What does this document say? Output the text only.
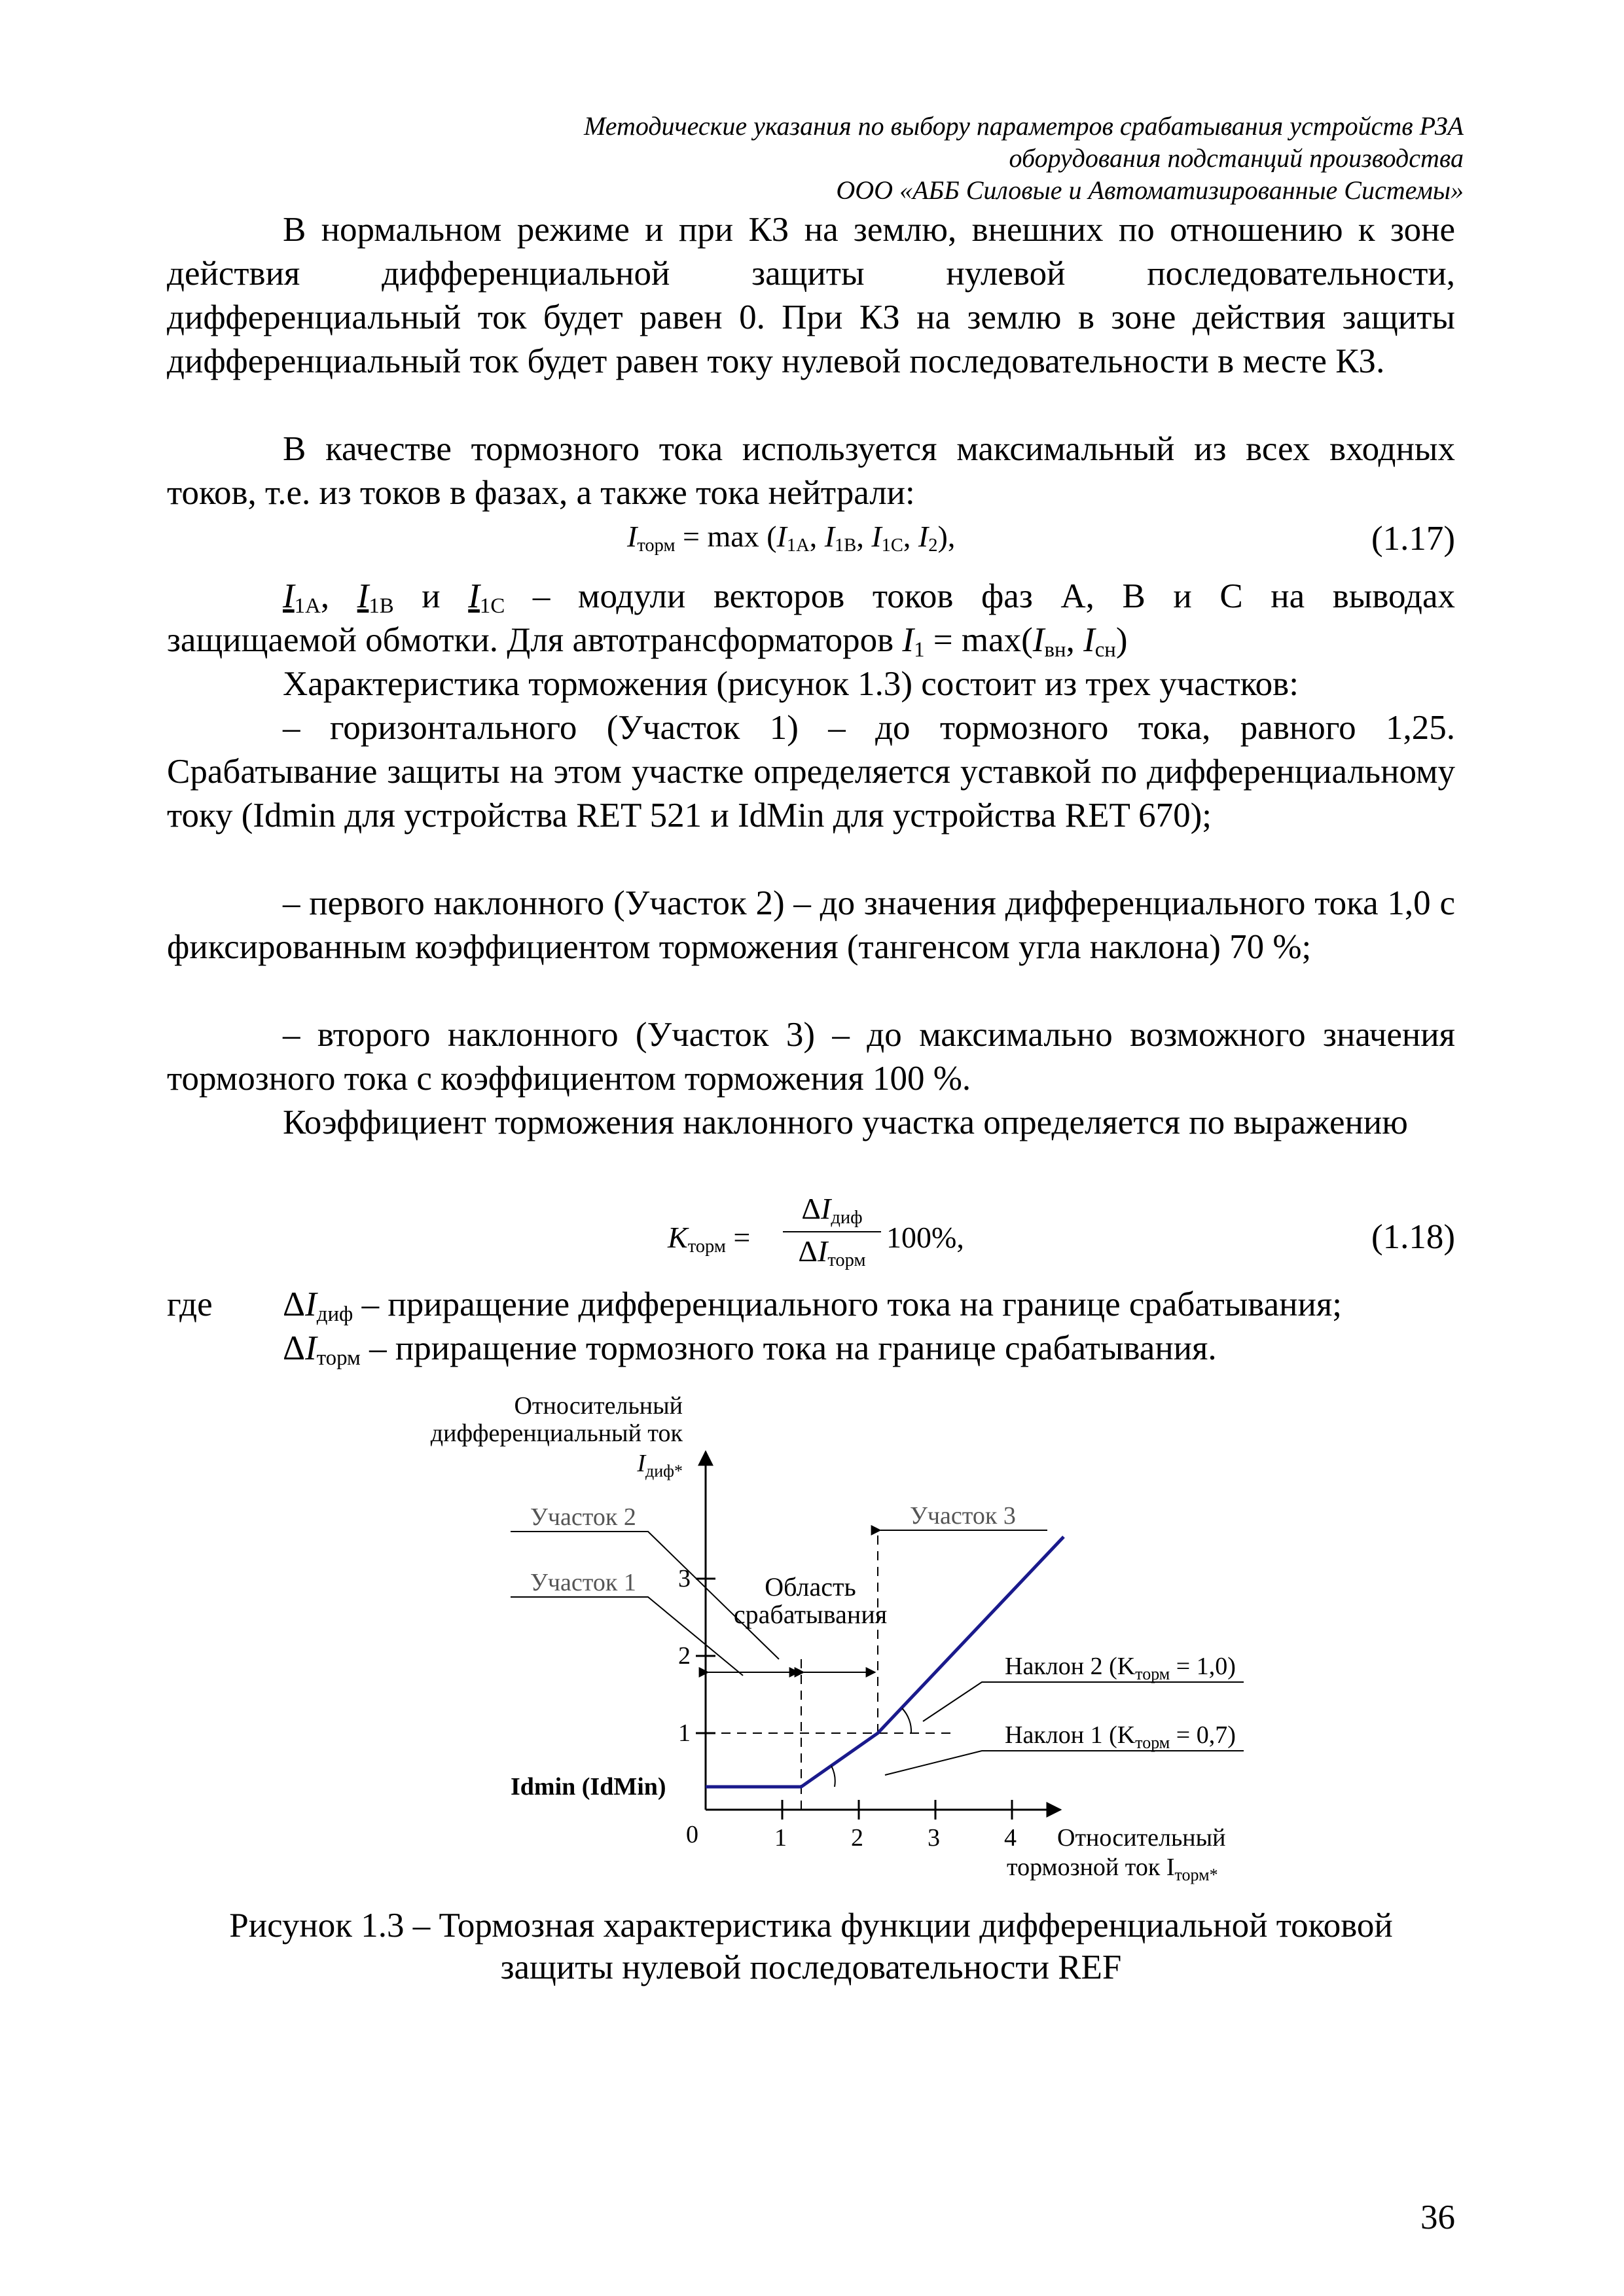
Методические указания по выбору параметров срабатывания устройств РЗА
оборудования подстанций производства
ООО «АББ Силовые и Автоматизированные Системы»
В нормальном режиме и при КЗ на землю, внешних по отношению к зоне действия дифференциальной защиты нулевой последовательности, дифференциальный ток будет равен 0. При КЗ на землю в зоне действия защиты дифференциальный ток будет равен току нулевой последовательности в месте КЗ.
В качестве тормозного тока используется максимальный из всех входных токов, т.е. из токов в фазах, а также тока нейтрали:
$I_{торм} = \max (I_{1A}$, $I_{1B}$, $I_{1C}$, $I_2$),	(1.17)
$I_{1A}$, $I_{1B}$ и $I_{1C}$ – модули векторов токов фаз А, В и С на выводах
защищаемой обмотки. Для автотрансформаторов $I_1 = \max(I_{вн}$, $I_{сн}$)
Характеристика торможения (рисунок 1.3) состоит из трех участков:
– горизонтального (Участок 1) – до тормозного тока, равного 1,25. Срабатывание защиты на этом участке определяется уставкой по дифференциальному току (Idmin для устройства RET 521 и IdMin для устройства RET 670);
– первого наклонного (Участок 2) – до значения дифференциального тока 1,0 с фиксированным коэффициентом торможения (тангенсом угла наклона) 70 %;
– второго наклонного (Участок 3) – до максимально возможного значения тормозного тока с коэффициентом торможения 100 %.
Коэффициент торможения наклонного участка определяется по выражению
$K_{торм}$ =
$\Delta I_{диф}$
$\Delta I_{торм}$
100%,	(1.18)
где $\Delta I_{диф}$ – приращение дифференциального тока на границе срабатывания;
$\Delta I_{торм}$ – приращение тормозного тока на границе срабатывания.
0	1	2	3	4
1
2
3
Относительный
дифференциальный ток
$I_{диф*}$
Участок 2
Участок 1
Участок 3
Область
срабатывания
Наклон 2 $(K_{торм} = 1,0)$
Наклон 1 $(K_{торм} = 0,7)$
Idmin (IdMin)
Относительный
тормозной ток $I_{торм*}$
Рисунок 1.3 – Тормозная характеристика функции дифференциальной токовой
защиты нулевой последовательности REF
36
